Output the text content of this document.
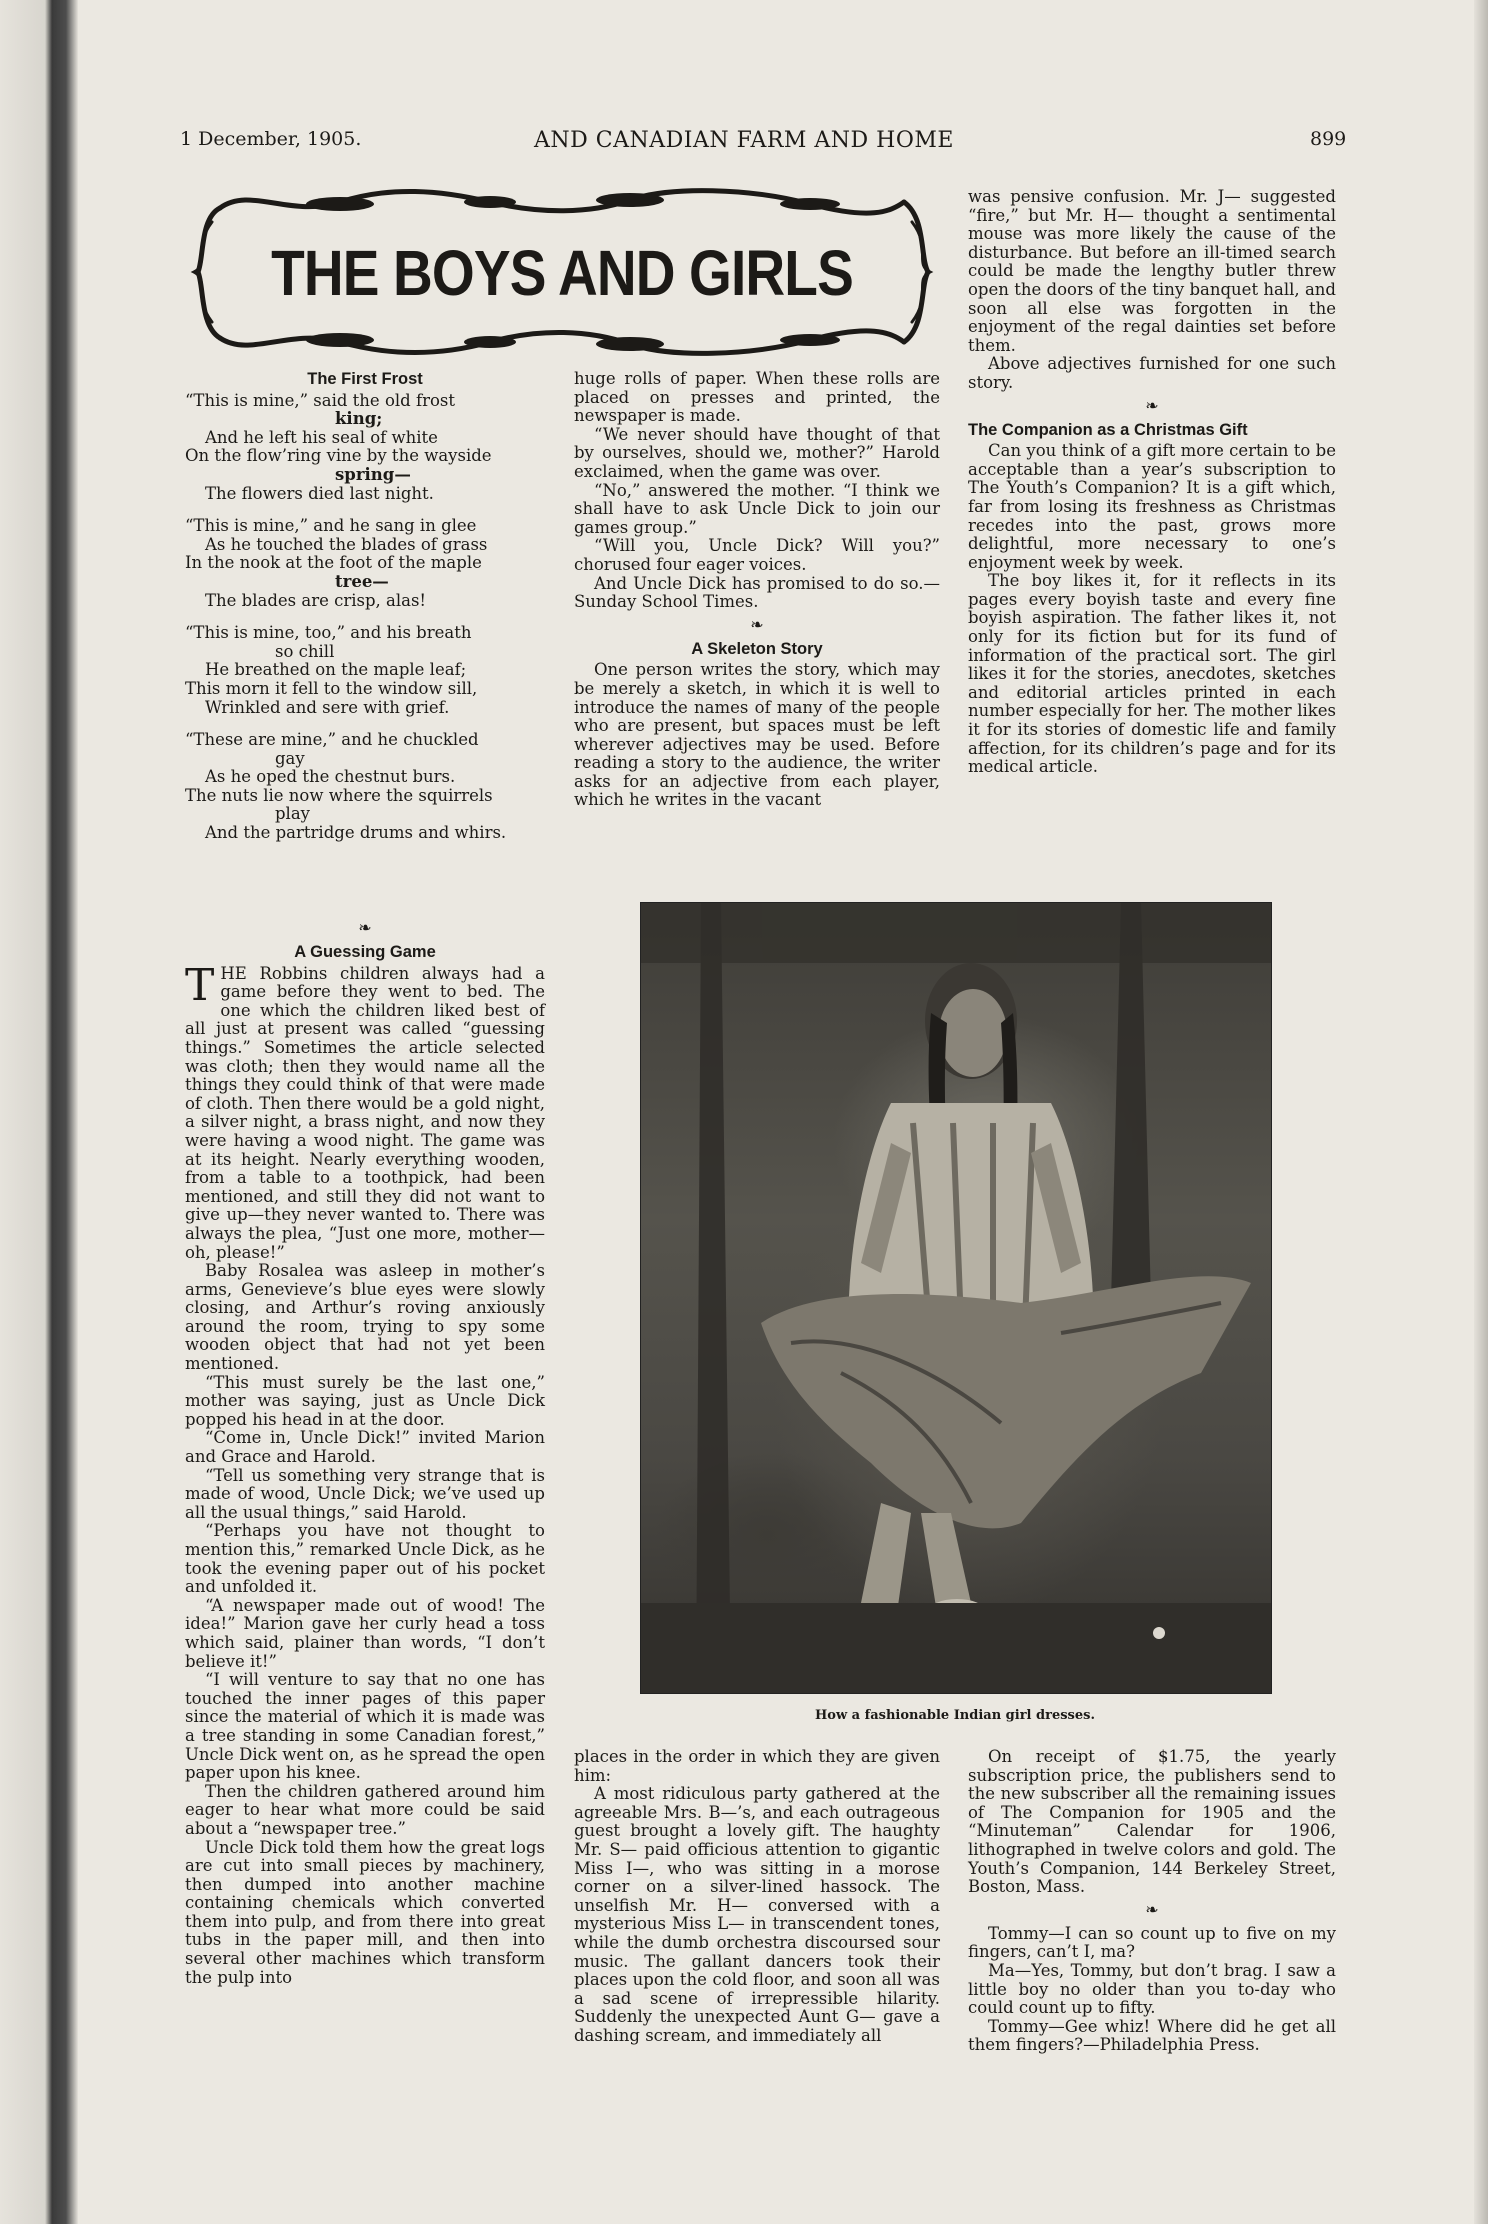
1 December, 1905.	AND CANADIAN FARM AND HOME	899
THE BOYS AND GIRLS
The First Frost
“This is mine,” said the old frost
king;
And he left his seal of white
On the flow’ring vine by the wayside
spring—
The flowers died last night.
“This is mine,” and he sang in glee
As he touched the blades of grass
In the nook at the foot of the maple
tree—
The blades are crisp, alas!
“This is mine, too,” and his breath
so chill
He breathed on the maple leaf;
This morn it fell to the window sill,
Wrinkled and sere with grief.
“These are mine,” and he chuckled
gay
As he oped the chestnut burs.
The nuts lie now where the squirrels
play
And the partridge drums and whirs.
❧
A Guessing Game

THE Robbins children always had a game before they went to bed. The one which the children liked best of all just at present was called “guessing things.” Sometimes the article selected was cloth; then they would name all the things they could think of that were made of cloth. Then there would be a gold night, a silver night, a brass night, and now they were having a wood night. The game was at its height. Nearly everything wooden, from a table to a toothpick, had been mentioned, and still they did not want to give up—they never wanted to. There was always the plea, “Just one more, mother—oh, please!”

Baby Rosalea was asleep in mother’s arms, Genevieve’s blue eyes were slowly closing, and Arthur’s roving anxiously around the room, trying to spy some wooden object that had not yet been mentioned.

“This must surely be the last one,” mother was saying, just as Uncle Dick popped his head in at the door.

“Come in, Uncle Dick!” invited Marion and Grace and Harold.

“Tell us something very strange that is made of wood, Uncle Dick; we’ve used up all the usual things,” said Harold.

“Perhaps you have not thought to mention this,” remarked Uncle Dick, as he took the evening paper out of his pocket and unfolded it.

“A newspaper made out of wood! The idea!” Marion gave her curly head a toss which said, plainer than words, “I don’t believe it!”

“I will venture to say that no one has touched the inner pages of this paper since the material of which it is made was a tree standing in some Canadian forest,” Uncle Dick went on, as he spread the open paper upon his knee.

Then the children gathered around him eager to hear what more could be said about a “newspaper tree.”

Uncle Dick told them how the great logs are cut into small pieces by machinery, then dumped into another machine containing chemicals which converted them into pulp, and from there into great tubs in the paper mill, and then into several other machines which transform the pulp into

huge rolls of paper. When these rolls are placed on presses and printed, the newspaper is made.

“We never should have thought of that by ourselves, should we, mother?” Harold exclaimed, when the game was over.

“No,” answered the mother. “I think we shall have to ask Uncle Dick to join our games group.”

“Will you, Uncle Dick? Will you?” chorused four eager voices.

And Uncle Dick has promised to do so.—Sunday School Times.

❧
A Skeleton Story

One person writes the story, which may be merely a sketch, in which it is well to introduce the names of many of the people who are present, but spaces must be left wherever adjectives may be used. Before reading a story to the audience, the writer asks for an adjective from each player, which he writes in the vacant

was pensive confusion. Mr. J— suggested “fire,” but Mr. H— thought a sentimental mouse was more likely the cause of the disturbance. But before an ill-timed search could be made the lengthy butler threw open the doors of the tiny banquet hall, and soon all else was forgotten in the enjoyment of the regal dainties set before them.

Above adjectives furnished for one such story.

❧
The Companion as a Christmas Gift

Can you think of a gift more certain to be acceptable than a year’s subscription to The Youth’s Companion? It is a gift which, far from losing its freshness as Christmas recedes into the past, grows more delightful, more necessary to one’s enjoyment week by week.

The boy likes it, for it reflects in its pages every boyish taste and every fine boyish aspiration. The father likes it, not only for its fiction but for its fund of information of the practical sort. The girl likes it for the stories, anecdotes, sketches and editorial articles printed in each number especially for her. The mother likes it for its stories of domestic life and family affection, for its children’s page and for its medical article.

How a fashionable Indian girl dresses.

places in the order in which they are given him:

A most ridiculous party gathered at the agreeable Mrs. B—’s, and each outrageous guest brought a lovely gift. The haughty Mr. S— paid officious attention to gigantic Miss I—, who was sitting in a morose corner on a silver-lined hassock. The unselfish Mr. H— conversed with a mysterious Miss L— in transcendent tones, while the dumb orchestra discoursed sour music. The gallant dancers took their places upon the cold floor, and soon all was a sad scene of irrepressible hilarity. Suddenly the unexpected Aunt G— gave a dashing scream, and immediately all

On receipt of $1.75, the yearly subscription price, the publishers send to the new subscriber all the remaining issues of The Companion for 1905 and the “Minuteman” Calendar for 1906, lithographed in twelve colors and gold. The Youth’s Companion, 144 Berkeley Street, Boston, Mass.

❧

Tommy—I can so count up to five on my fingers, can’t I, ma?

Ma—Yes, Tommy, but don’t brag. I saw a little boy no older than you to-day who could count up to fifty.

Tommy—Gee whiz! Where did he get all them fingers?—Philadelphia Press.
